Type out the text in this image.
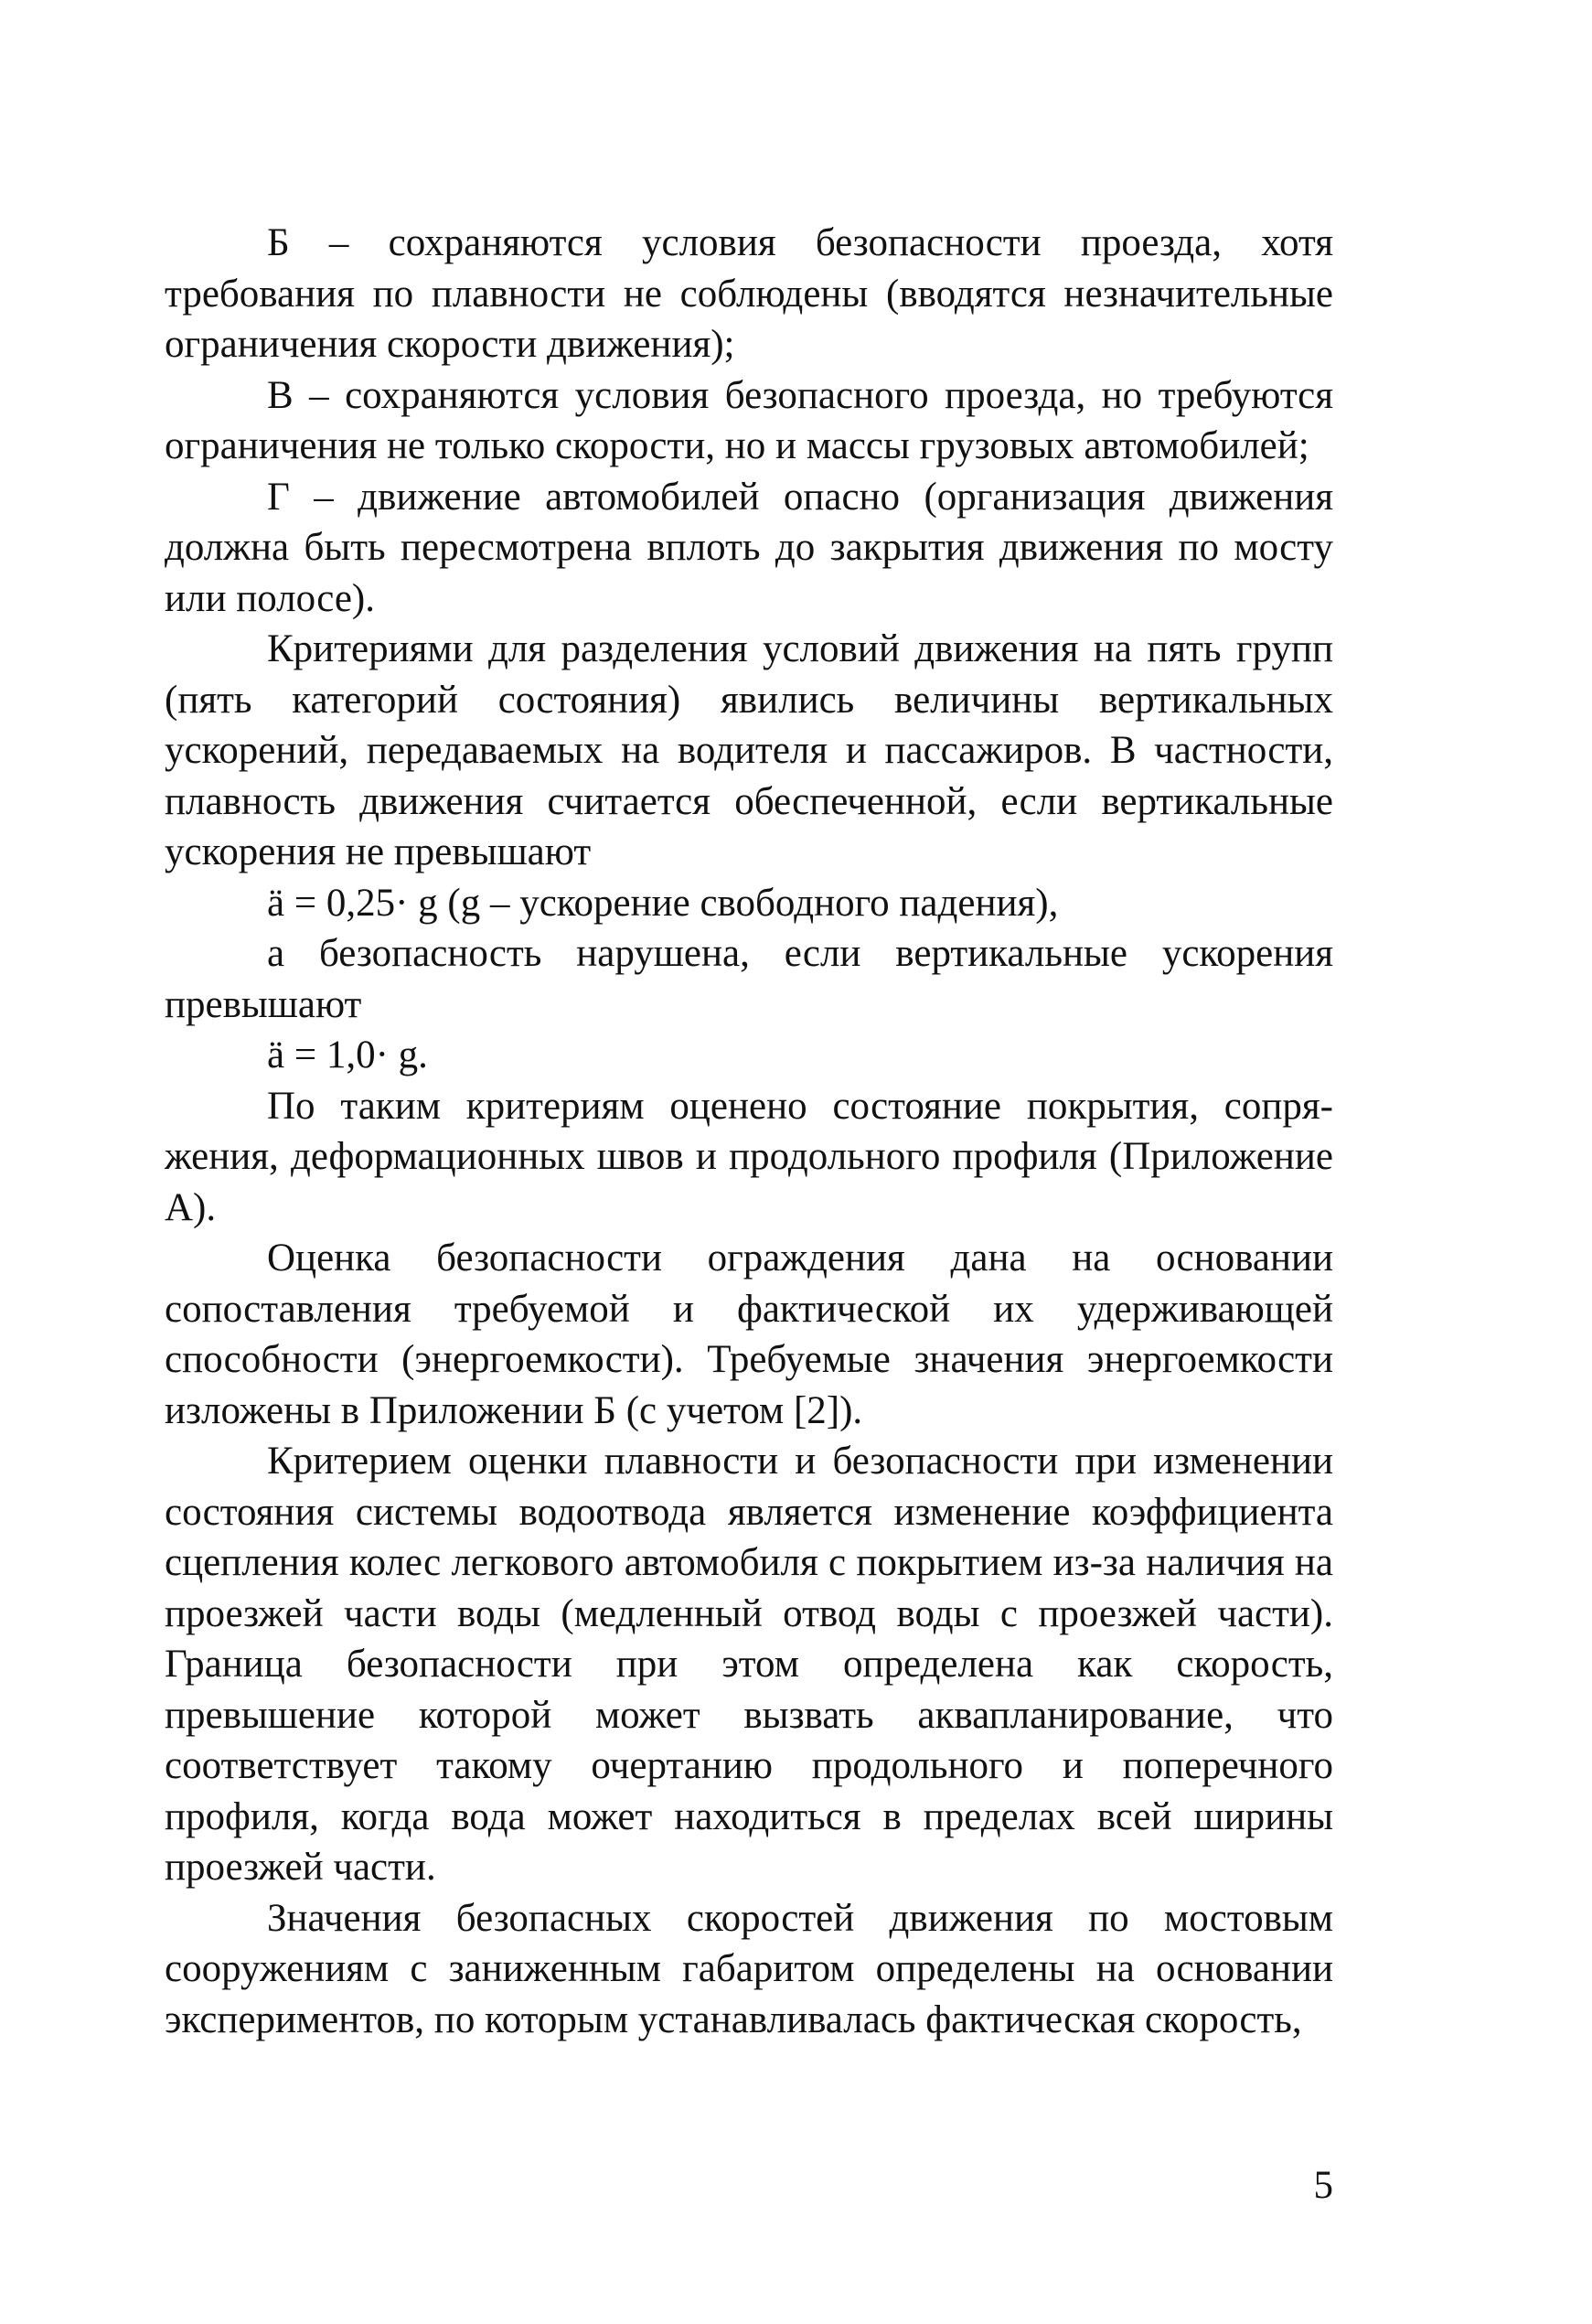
Б – сохраняются условия безопасности проезда, хотя требования по плавности не соблюдены (вводятся незначительные ограничения скорости движения);

В – сохраняются условия безопасного проезда, но требуются ограничения не только скорости, но и массы грузовых автомобилей;

Г – движение автомобилей опасно (организация движения должна быть пересмотрена вплоть до закрытия движения по мосту или полосе).

Критериями для разделения условий движения на пять групп (пять категорий состояния) явились величины вертикальных ускорений, передаваемых на водителя и пассажиров. В частности, плавность движения считается обеспеченной, если вертикальные ускорения не превышают

ä = 0,25· g (g – ускорение свободного падения),

а безопасность нарушена, если вертикальные ускорения превышают

ä = 1,0· g.

По таким критериям оценено состояние покрытия, сопряжения, деформационных швов и продольного профиля (Приложение А).

Оценка безопасности ограждения дана на основании сопоставления требуемой и фактической их удерживающей способности (энергоемкости). Требуемые значения энергоемкости изложены в Приложении Б (с учетом [2]).

Критерием оценки плавности и безопасности при изменении состояния системы водоотвода является изменение коэффициента сцепления колес легкового автомобиля с покрытием из-за наличия на проезжей части воды (медленный отвод воды с проезжей части). Граница безопасности при этом определена как скорость, превышение которой может вызвать аквапланирование, что соответствует такому очертанию продольного и поперечного профиля, когда вода может находиться в пределах всей ширины проезжей части.

Значения безопасных скоростей движения по мостовым сооружениям с заниженным габаритом определены на основании экспериментов, по которым устанавливалась фактическая скорость,

5
